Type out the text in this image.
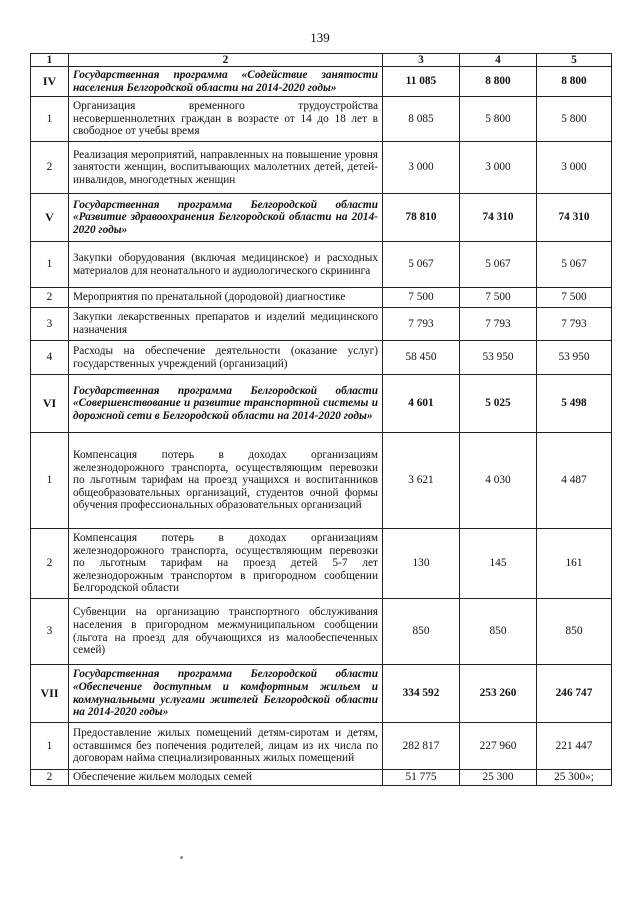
139
1	2	3	4	5
IV	Государственная программа «Содействие занятости населения Белгородской области на 2014-2020 годы»	11 085	8 800	8 800
1	Организация временного трудоустройства несовершеннолетних граждан в возрасте от 14 до 18 лет в свободное от учебы время	8 085	5 800	5 800
2	Реализация мероприятий, направленных на повышение уровня занятости женщин, воспитывающих малолетних детей, детей-инвалидов, многодетных женщин	3 000	3 000	3 000
V	Государственная программа Белгородской области «Развитие здравоохранения Белгородской области на 2014-2020 годы»	78 810	74 310	74 310
1	Закупки оборудования (включая медицинское) и расходных материалов для неонатального и аудиологического скрининга	5 067	5 067	5 067
2	Мероприятия по пренатальной (дородовой) диагностике	7 500	7 500	7 500
3	Закупки лекарственных препаратов и изделий медицинского назначения	7 793	7 793	7 793
4	Расходы на обеспечение деятельности (оказание услуг) государственных учреждений (организаций)	58 450	53 950	53 950
VI	Государственная программа Белгородской области «Совершенствование и развитие транспортной системы и дорожной сети в Белгородской области на 2014-2020 годы»	4 601	5 025	5 498
1	Компенсация потерь в доходах организациям железнодорожного транспорта, осуществляющим перевозки по льготным тарифам на проезд учащихся и воспитанников общеобразовательных организаций, студентов очной формы обучения профессиональных образовательных организаций	3 621	4 030	4 487
2	Компенсация потерь в доходах организациям железнодорожного транспорта, осуществляющим перевозки по льготным тарифам на проезд детей 5-7 лет железнодорожным транспортом в пригородном сообщении Белгородской области	130	145	161
3	Субвенции на организацию транспортного обслуживания населения в пригородном межмуниципальном сообщении (льгота на проезд для обучающихся из малообеспеченных семей)	850	850	850
VII	Государственная программа Белгородской области «Обеспечение доступным и комфортным жильем и коммунальными услугами жителей Белгородской области на 2014-2020 годы»	334 592	253 260	246 747
1	Предоставление жилых помещений детям-сиротам и детям, оставшимся без попечения родителей, лицам из их числа по договорам найма специализированных жилых помещений	282 817	227 960	221 447
2	Обеспечение жильем молодых семей	51 775	25 300	25 300»;
